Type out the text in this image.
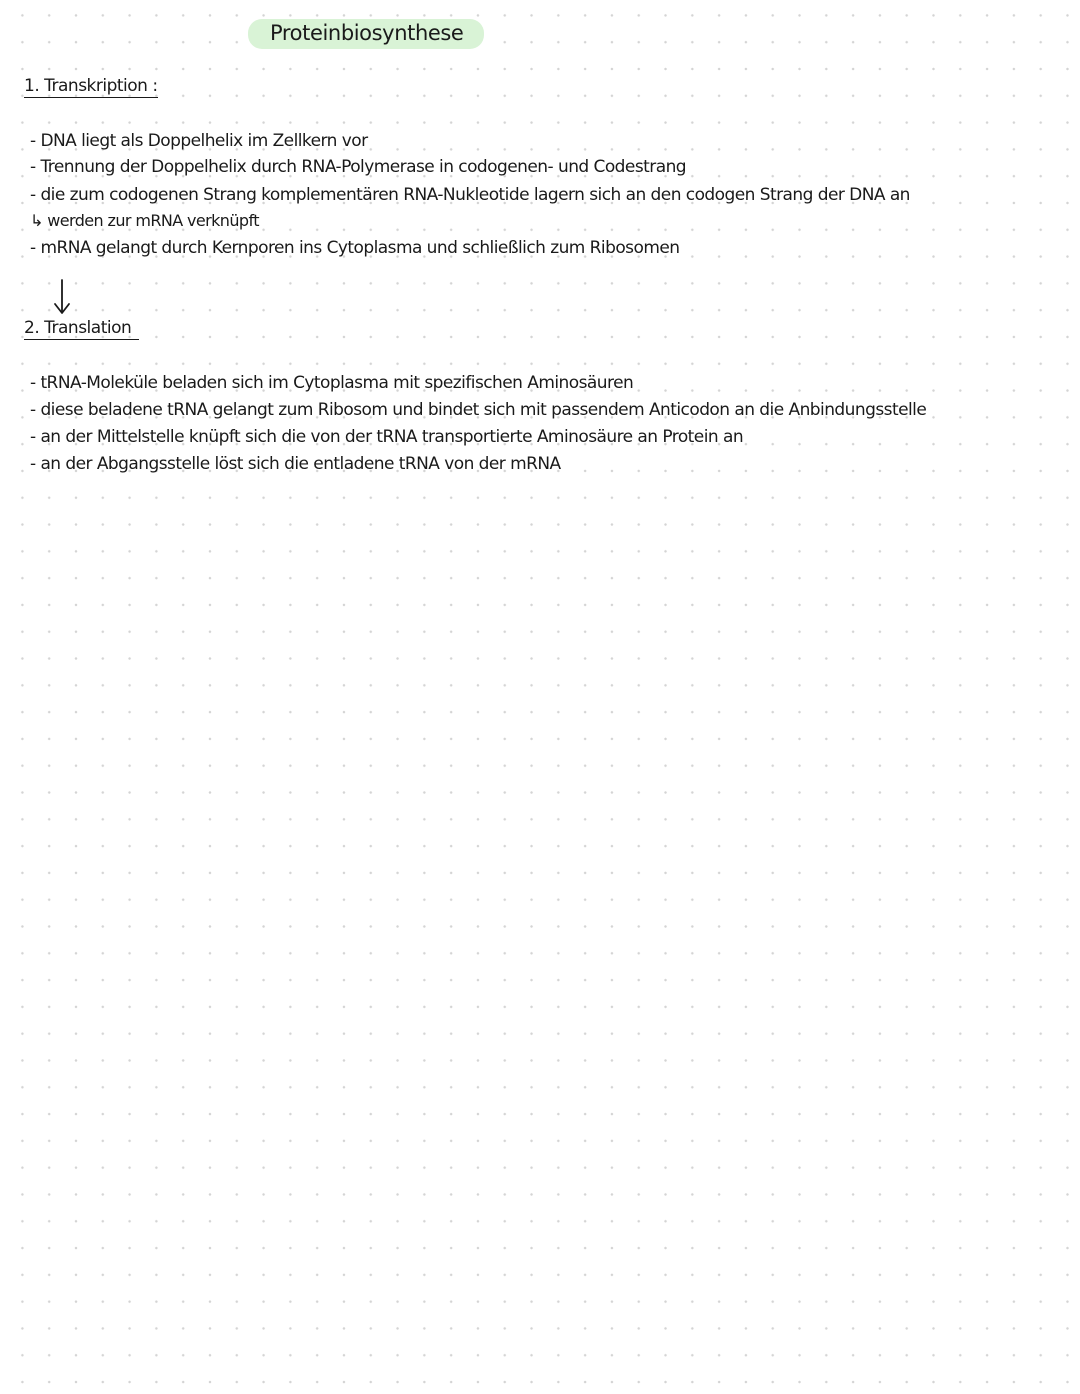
Proteinbiosynthese
1. Transkription :
- DNA liegt als Doppelhelix im Zellkern vor
- Trennung der Doppelhelix durch RNA-Polymerase in codogenen- und Codestrang
- die zum codogenen Strang komplementären RNA-Nukleotide lagern sich an den codogen Strang der DNA an
↳ werden zur mRNA verknüpft
- mRNA gelangt durch Kernporen ins Cytoplasma und schließlich zum Ribosomen
2. Translation
- tRNA-Moleküle beladen sich im Cytoplasma mit spezifischen Aminosäuren
- diese beladene tRNA gelangt zum Ribosom und bindet sich mit passendem Anticodon an die Anbindungsstelle
- an der Mittelstelle knüpft sich die von der tRNA transportierte Aminosäure an Protein an
- an der Abgangsstelle löst sich die entladene tRNA von der mRNA
